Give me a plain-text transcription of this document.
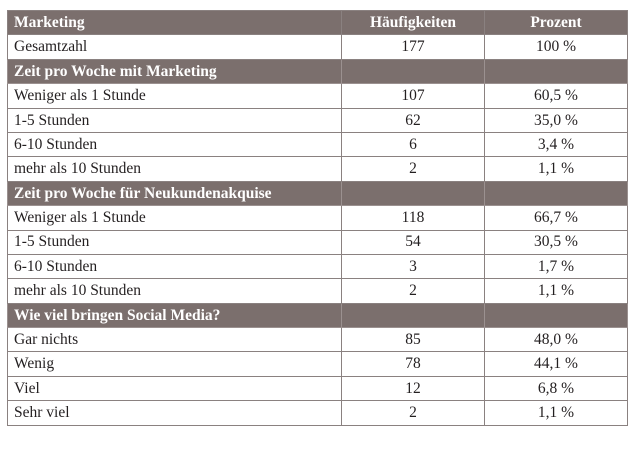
Marketing	Häufigkeiten	Prozent
Gesamtzahl	177	100 %
Zeit pro Woche mit Marketing		
Weniger als 1 Stunde	107	60,5 %
1-5 Stunden	62	35,0 %
6-10 Stunden	6	3,4 %
mehr als 10 Stunden	2	1,1 %
Zeit pro Woche für Neukundenakquise		
Weniger als 1 Stunde	118	66,7 %
1-5 Stunden	54	30,5 %
6-10 Stunden	3	1,7 %
mehr als 10 Stunden	2	1,1 %
Wie viel bringen Social Media?		
Gar nichts	85	48,0 %
Wenig	78	44,1 %
Viel	12	6,8 %
Sehr viel	2	1,1 %
